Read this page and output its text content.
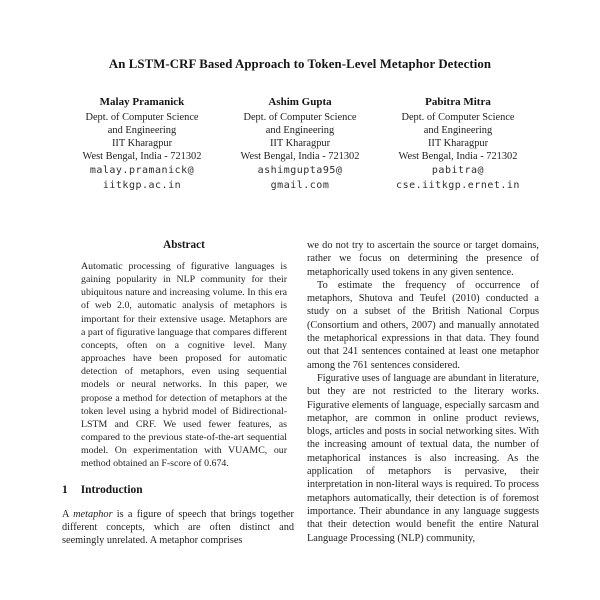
An LSTM-CRF Based Approach to Token-Level Metaphor Detection
Malay Pramanick
Dept. of Computer Science
and Engineering
IIT Kharagpur
West Bengal, India - 721302
malay.pramanick@
iitkgp.ac.in
Ashim Gupta
Dept. of Computer Science
and Engineering
IIT Kharagpur
West Bengal, India - 721302
ashimgupta95@
gmail.com
Pabitra Mitra
Dept. of Computer Science
and Engineering
IIT Kharagpur
West Bengal, India - 721302
pabitra@
cse.iitkgp.ernet.in
Abstract

Automatic processing of figurative languages is gaining popularity in NLP community for their ubiquitous nature and increasing volume. In this era of web 2.0, automatic analysis of metaphors is important for their extensive usage. Metaphors are a part of figurative language that compares different concepts, often on a cognitive level. Many approaches have been proposed for automatic detection of metaphors, even using sequential models or neural networks. In this paper, we propose a method for detection of metaphors at the token level using a hybrid model of Bidirectional-LSTM and CRF. We used fewer features, as compared to the previous state-of-the-art sequential model. On experimentation with VUAMC, our method obtained an F-score of 0.674.

1 Introduction

A metaphor is a figure of speech that brings together different concepts, which are often distinct and seemingly unrelated. A metaphor comprises

we do not try to ascertain the source or target domains, rather we focus on determining the presence of metaphorically used tokens in any given sentence.

To estimate the frequency of occurrence of metaphors, Shutova and Teufel (2010) conducted a study on a subset of the British National Corpus (Consortium and others, 2007) and manually annotated the metaphorical expressions in that data. They found out that 241 sentences contained at least one metaphor among the 761 sentences considered.

Figurative uses of language are abundant in literature, but they are not restricted to the literary works. Figurative elements of language, especially sarcasm and metaphor, are common in online product reviews, blogs, articles and posts in social networking sites. With the increasing amount of textual data, the number of metaphorical instances is also increasing. As the application of metaphors is pervasive, their interpretation in non-literal ways is required. To process metaphors automatically, their detection is of foremost importance. Their abundance in any language suggests that their detection would benefit the entire Natural Language Processing (NLP) community,
